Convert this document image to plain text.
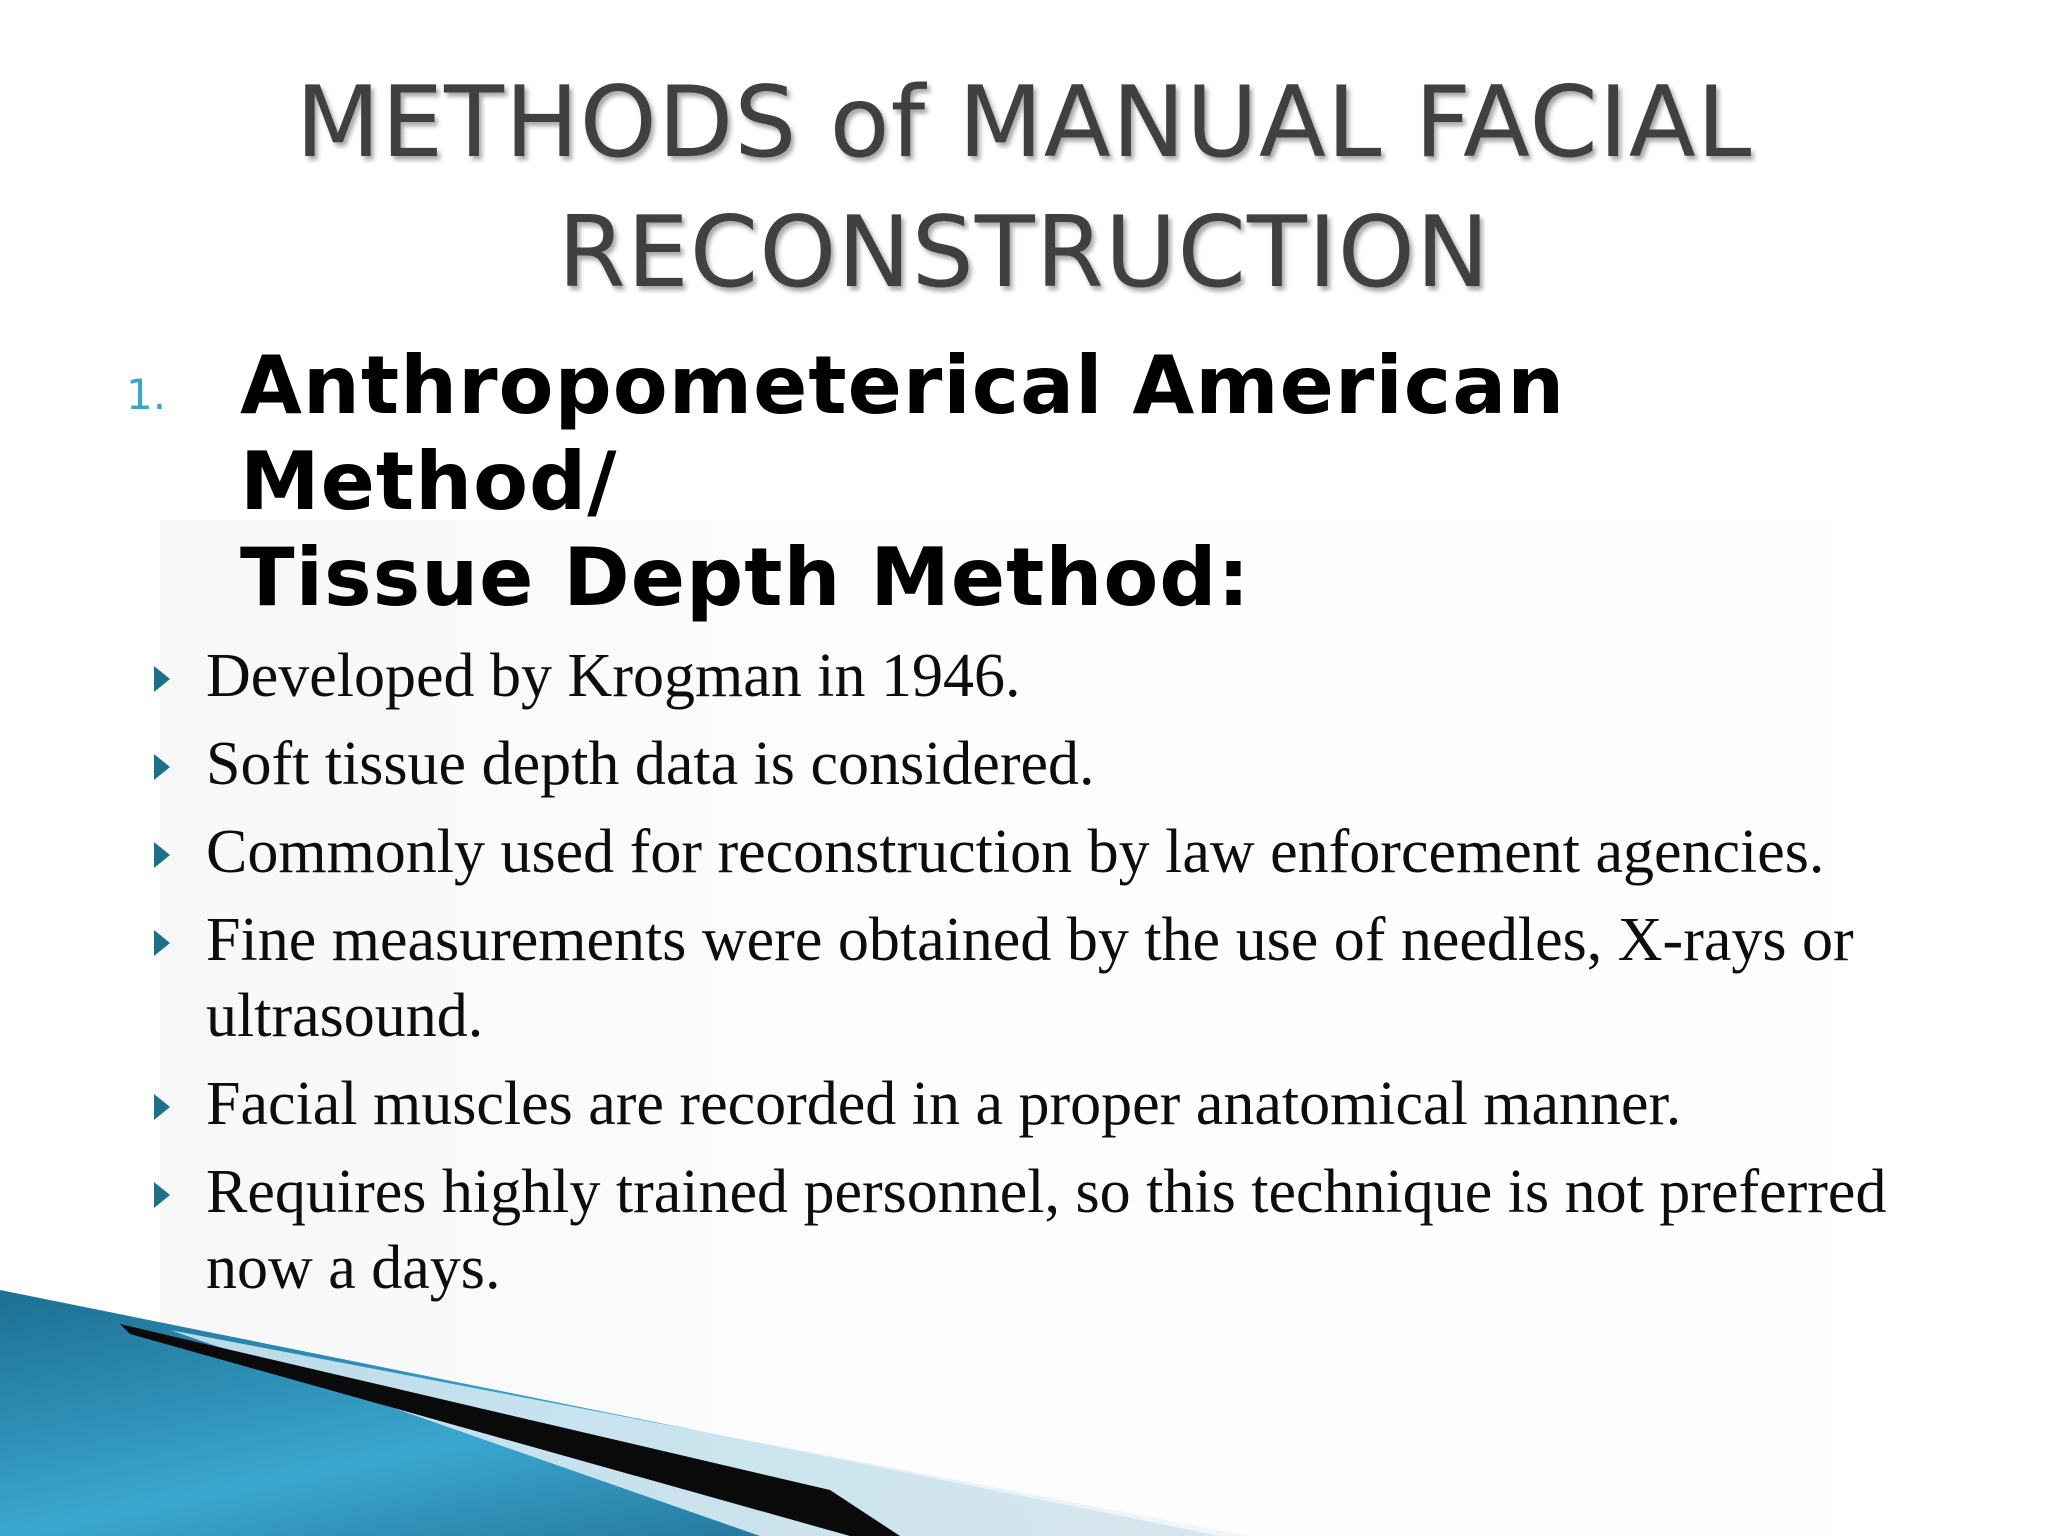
METHODS of MANUAL FACIAL
RECONSTRUCTION
1. Anthropometerical American Method/
Tissue Depth Method:
Developed by Krogman in 1946.
Soft tissue depth data is considered.
Commonly used for reconstruction by law enforcement agencies.
Fine measurements were obtained by the use of needles, X-rays or ultrasound.
Facial muscles are recorded in a proper anatomical manner.
Requires highly trained personnel, so this technique is not preferred now a days.
